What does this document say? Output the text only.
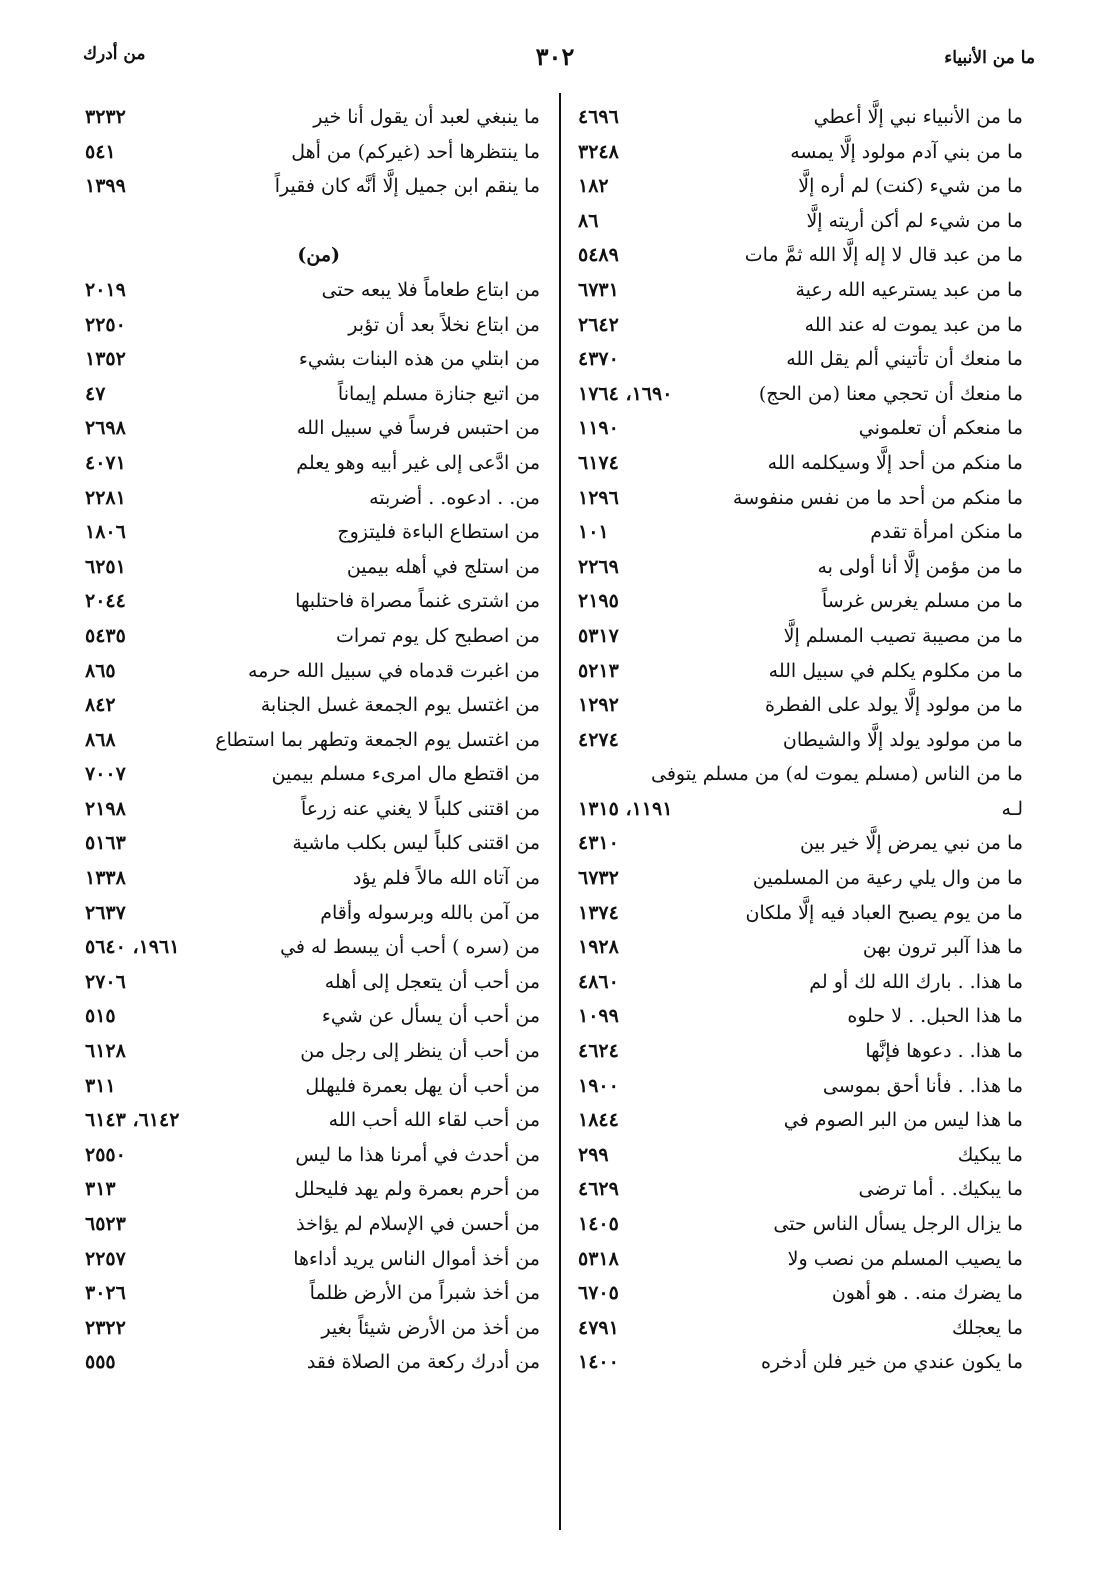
ما من الأنبياء
٣٠٢
من أدرك
ما من الأنبياء نبي إلَّا أعطي
٤٦٩٦
ما من بني آدم مولود إلَّا يمسه
٣٢٤٨
ما من شيء (كنت) لم أره إلَّا
١٨٢
ما من شيء لم أكن أريته إلَّا
٨٦
ما من عبد قال لا إله إلَّا الله ثمَّ مات
٥٤٨٩
ما من عبد يسترعيه الله رعية
٦٧٣١
ما من عبد يموت له عند الله
٢٦٤٢
ما منعك أن تأتيني ألم يقل الله
٤٣٧٠
ما منعك أن تحجي معنا (من الحج)
١٦٩٠، ١٧٦٤
ما منعكم أن تعلموني
١١٩٠
ما منكم من أحد إلَّا وسيكلمه الله
٦١٧٤
ما منكم من أحد ما من نفس منفوسة
١٢٩٦
ما منكن امرأة تقدم
١٠١
ما من مؤمن إلَّا أنا أولى به
٢٢٦٩
ما من مسلم يغرس غرساً
٢١٩٥
ما من مصيبة تصيب المسلم إلَّا
٥٣١٧
ما من مكلوم يكلم في سبيل الله
٥٢١٣
ما من مولود إلَّا يولد على الفطرة
١٢٩٢
ما من مولود يولد إلَّا والشيطان
٤٢٧٤
ما من الناس (مسلم يموت له) من مسلم يتوفى
لـه
١١٩١، ١٣١٥
ما من نبي يمرض إلَّا خير بين
٤٣١٠
ما من وال يلي رعية من المسلمين
٦٧٣٢
ما من يوم يصبح العباد فيه إلَّا ملكان
١٣٧٤
ما هذا آلبر ترون بهن
١٩٢٨
ما هذا. . بارك الله لك أو لم
٤٨٦٠
ما هذا الحبل. . لا حلوه
١٠٩٩
ما هذا. . دعوها فإنَّها
٤٦٢٤
ما هذا. . فأنا أحق بموسى
١٩٠٠
ما هذا ليس من البر الصوم في
١٨٤٤
ما يبكيك
٢٩٩
ما يبكيك. . أما ترضى
٤٦٢٩
ما يزال الرجل يسأل الناس حتى
١٤٠٥
ما يصيب المسلم من نصب ولا
٥٣١٨
ما يضرك منه. . هو أهون
٦٧٠٥
ما يعجلك
٤٧٩١
ما يكون عندي من خير فلن أدخره
١٤٠٠
ما ينبغي لعبد أن يقول أنا خير
٣٢٣٢
ما ينتظرها أحد (غيركم) من أهل
٥٤١
ما ينقم ابن جميل إلَّا أنَّه كان فقيراً
١٣٩٩
(من)
من ابتاع طعاماً فلا يبعه حتى
٢٠١٩
من ابتاع نخلاً بعد أن تؤبر
٢٢٥٠
من ابتلي من هذه البنات بشيء
١٣٥٢
من اتبع جنازة مسلم إيماناً
٤٧
من احتبس فرساً في سبيل الله
٢٦٩٨
من ادَّعى إلى غير أبيه وهو يعلم
٤٠٧١
من. . ادعوه. . أضربته
٢٢٨١
من استطاع الباءة فليتزوج
١٨٠٦
من استلج في أهله بيمين
٦٢٥١
من اشترى غنماً مصراة فاحتلبها
٢٠٤٤
من اصطبح كل يوم تمرات
٥٤٣٥
من اغبرت قدماه في سبيل الله حرمه
٨٦٥
من اغتسل يوم الجمعة غسل الجنابة
٨٤٢
من اغتسل يوم الجمعة وتطهر بما استطاع
٨٦٨
من اقتطع مال امرىء مسلم بيمين
٧٠٠٧
من اقتنى كلباً لا يغني عنه زرعاً
٢١٩٨
من اقتنى كلباً ليس بكلب ماشية
٥١٦٣
من آتاه الله مالاً فلم يؤد
١٣٣٨
من آمن بالله وبرسوله وأقام
٢٦٣٧
من (سره ) أحب أن يبسط له في
١٩٦١، ٥٦٤٠
من أحب أن يتعجل إلى أهله
٢٧٠٦
من أحب أن يسأل عن شيء
٥١٥
من أحب أن ينظر إلى رجل من
٦١٢٨
من أحب أن يهل بعمرة فليهلل
٣١١
من أحب لقاء الله أحب الله
٦١٤٢، ٦١٤٣
من أحدث في أمرنا هذا ما ليس
٢٥٥٠
من أحرم بعمرة ولم يهد فليحلل
٣١٣
من أحسن في الإسلام لم يؤاخذ
٦٥٢٣
من أخذ أموال الناس يريد أداءها
٢٢٥٧
من أخذ شبراً من الأرض ظلماً
٣٠٢٦
من أخذ من الأرض شيئاً بغير
٢٣٢٢
من أدرك ركعة من الصلاة فقد
٥٥٥
